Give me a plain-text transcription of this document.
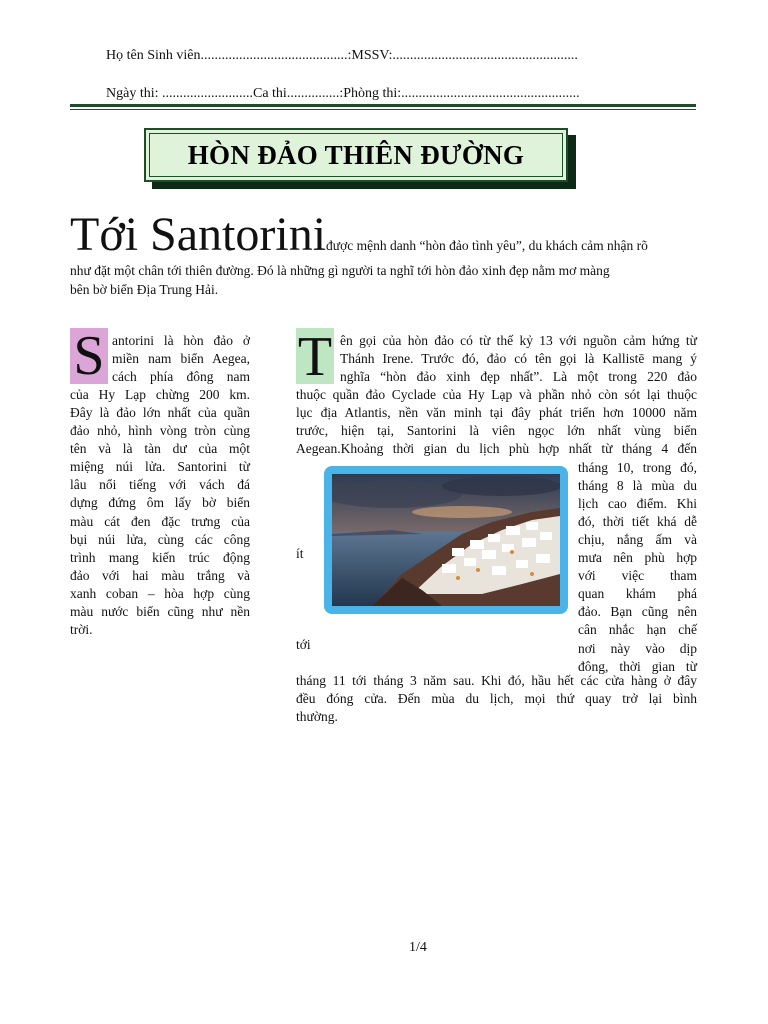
Họ tên Sinh viên..........................................:MSSV:.....................................................
Ngày thi: ..........................Ca thi...............:Phòng thi:...................................................
HÒN ĐẢO THIÊN ĐƯỜNG
Tới Santorini được mệnh danh “hòn đảo tình yêu”, du khách cảm nhận rõ
như đặt một chân tới thiên đường. Đó là những gì người ta nghĩ tới hòn đảo xinh đẹp nằm mơ màng
bên bờ biển Địa Trung Hải.
S antorini là hòn đảo ở
miền nam biển Aegea,
cách phía đông nam
của Hy Lạp chừng 200 km.
Đây là đảo lớn nhất của quần
đảo nhỏ, hình vòng tròn cùng
tên và là tàn dư của một
miệng núi lửa. Santorini từ
lâu nổi tiếng với vách đá
dựng đứng ôm lấy bờ biển
màu cát đen đặc trưng của
bụi núi lửa, cùng các công
trình mang kiến trúc động
đảo với hai màu trắng và
xanh coban – hòa hợp cùng
màu nước biển cũng như nền
trời.
T ên gọi của hòn đảo có từ thế kỷ 13 với nguồn cảm hứng từ
Thánh Irene. Trước đó, đảo có tên gọi là Kallistē mang ý
nghĩa “hòn đảo xinh đẹp nhất”. Là một trong 220 đảo
thuộc quần đảo Cyclade của Hy Lạp và phần nhỏ còn sót lại thuộc
lục địa Atlantis, nền văn minh tại đây phát triển hơn 10000 năm
trước, hiện tại, Santorini là viên ngọc lớn nhất vùng biển
Aegean.Khoảng thời gian du lịch phù hợp nhất từ tháng 4 đến
tháng 10, trong đó,
tháng 8 là mùa du
lịch cao điểm. Khi
đó, thời tiết khá dễ
chịu, nắng ấm và
mưa nên phù hợp
với việc tham
quan khám phá
đảo. Bạn cũng nên
cân nhắc hạn chế
nơi này vào dịp
đông, thời gian từ
tháng 11 tới tháng 3 năm sau. Khi đó, hầu hết các cửa hàng ở đây
đều đóng cửa. Đến mùa du lịch, mọi thứ quay trở lại bình
thường.
ít
tới
1/4
